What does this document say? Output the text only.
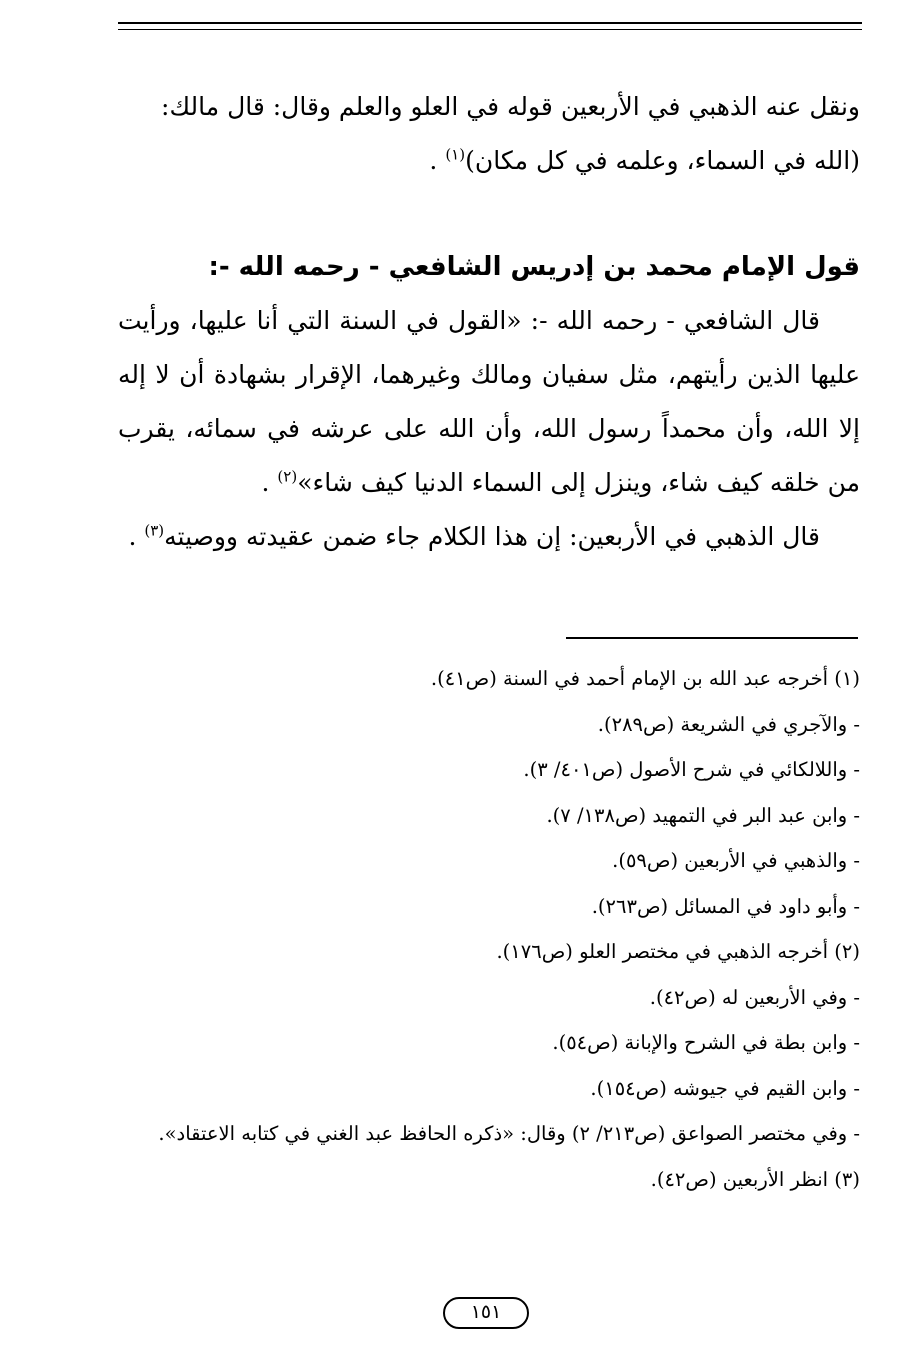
ونقل عنه الذهبي في الأربعين قوله في العلو والعلم وقال: قال مالك:
(الله في السماء، وعلمه في كل مكان)$^{(١)}$ .

قول الإمام محمد بن إدريس الشافعي - رحمه الله -:

قال الشافعي - رحمه الله -: «القول في السنة التي أنا عليها، ورأيت عليها الذين رأيتهم، مثل سفيان ومالك وغيرهما، الإقرار بشهادة أن لا إله إلا الله، وأن محمداً رسول الله، وأن الله على عرشه في سمائه، يقرب من خلقه كيف شاء، وينزل إلى السماء الدنيا كيف شاء»$^{(٢)}$ .

قال الذهبي في الأربعين: إن هذا الكلام جاء ضمن عقيدته ووصيته$^{(٣)}$ .

(١) أخرجه عبد الله بن الإمام أحمد في السنة (ص٤١).

- والآجري في الشريعة (ص٢٨٩).

- واللالكائي في شرح الأصول (ص٤٠١/ ٣).

- وابن عبد البر في التمهيد (ص١٣٨/ ٧).

- والذهبي في الأربعين (ص٥٩).

- وأبو داود في المسائل (ص٢٦٣).

(٢) أخرجه الذهبي في مختصر العلو (ص١٧٦).

- وفي الأربعين له (ص٤٢).

- وابن بطة في الشرح والإبانة (ص٥٤).

- وابن القيم في جيوشه (ص١٥٤).

- وفي مختصر الصواعق (ص٢١٣/ ٢) وقال: «ذكره الحافظ عبد الغني في كتابه الاعتقاد».

(٣) انظر الأربعين (ص٤٢).

١٥١
